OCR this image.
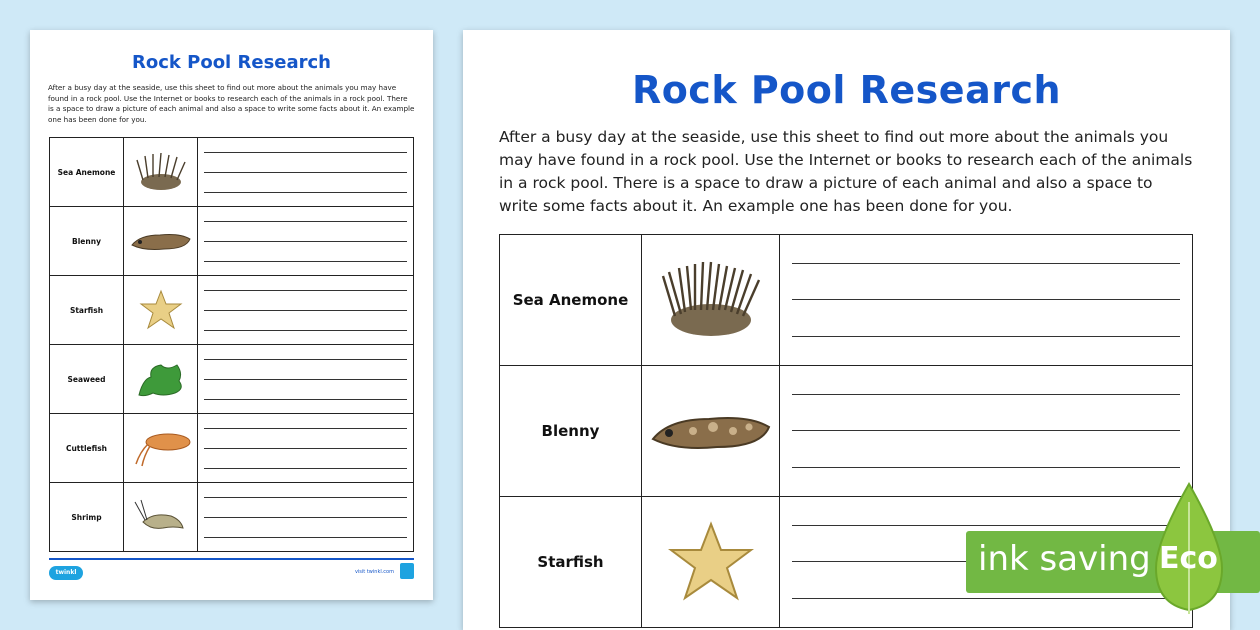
Rock Pool Research
After a busy day at the seaside, use this sheet to find out more about the animals you may have found in a rock pool. Use the Internet or books to research each of the animals in a rock pool. There is a space to draw a picture of each animal and also a space to write some facts about it. An example one has been done for you.
Sea Anemone	

Blenny	

Starfish	

Seaweed	

Cuttlefish	

Shrimp	

twinkl	visit twinkl.com
Rock Pool Research
After a busy day at the seaside, use this sheet to find out more about the animals you may have found in a rock pool. Use the Internet or books to research each of the animals in a rock pool. There is a space to draw a picture of each animal and also a space to write some facts about it. An example one has been done for you.
Sea Anemone	

Blenny	

Starfish	
		ink saving Eco
